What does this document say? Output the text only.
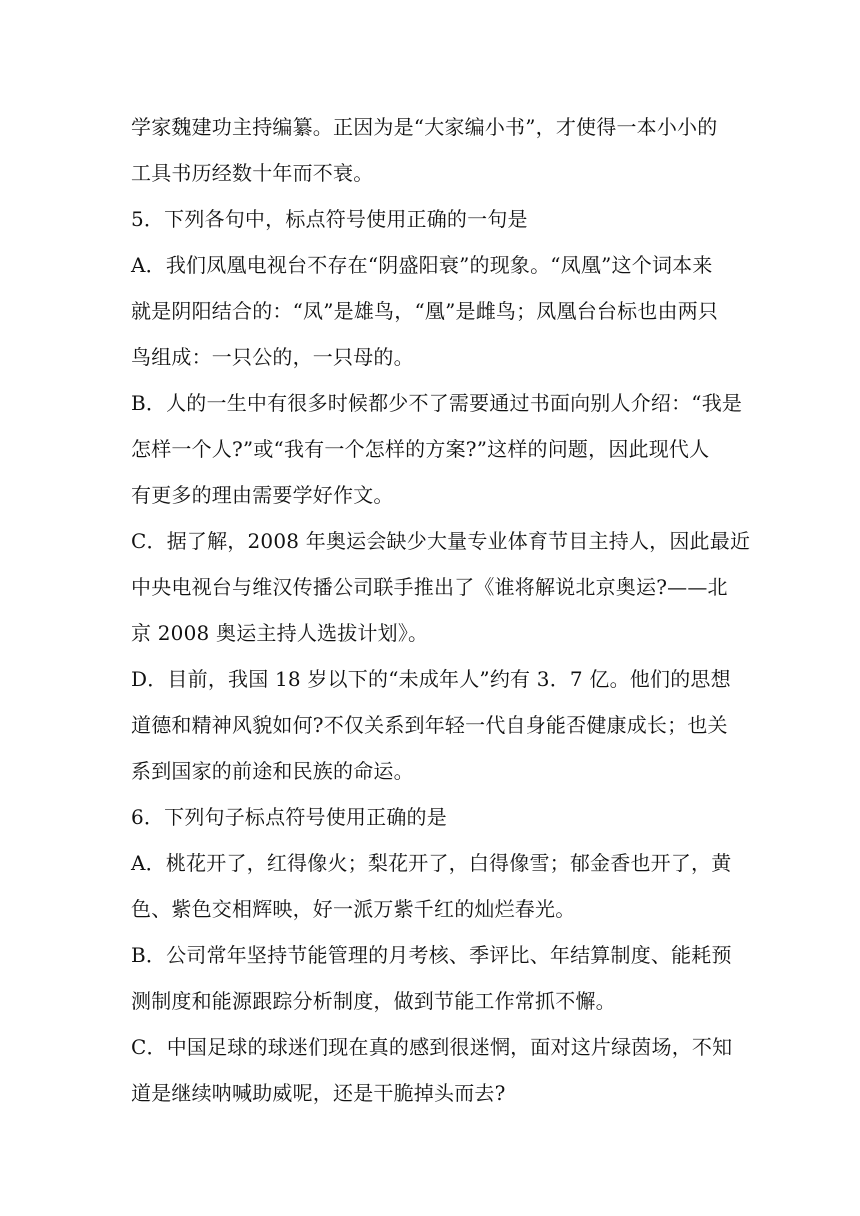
学家魏建功主持编纂。正因为是“大家编小书”，才使得一本小小的
工具书历经数十年而不衰。
5．下列各句中，标点符号使用正确的一句是
A．我们凤凰电视台不存在“阴盛阳衰”的现象。“凤凰”这个词本来
就是阴阳结合的：“凤”是雄鸟，“凰”是雌鸟；凤凰台台标也由两只
鸟组成：一只公的，一只母的。
B．人的一生中有很多时候都少不了需要通过书面向别人介绍：“我是
怎样一个人?”或“我有一个怎样的方案?”这样的问题，因此现代人
有更多的理由需要学好作文。
C．据了解，2008 年奥运会缺少大量专业体育节目主持人，因此最近
中央电视台与维汉传播公司联手推出了《谁将解说北京奥运?——北
京 2008 奥运主持人选拔计划》。
D．目前，我国 18 岁以下的“未成年人”约有 3．7 亿。他们的思想
道德和精神风貌如何?不仅关系到年轻一代自身能否健康成长；也关
系到国家的前途和民族的命运。
6．下列句子标点符号使用正确的是
A．桃花开了，红得像火；梨花开了，白得像雪；郁金香也开了，黄
色、紫色交相辉映，好一派万紫千红的灿烂春光。
B．公司常年坚持节能管理的月考核、季评比、年结算制度、能耗预
测制度和能源跟踪分析制度，做到节能工作常抓不懈。
C．中国足球的球迷们现在真的感到很迷惘，面对这片绿茵场，不知
道是继续呐喊助威呢，还是干脆掉头而去?
